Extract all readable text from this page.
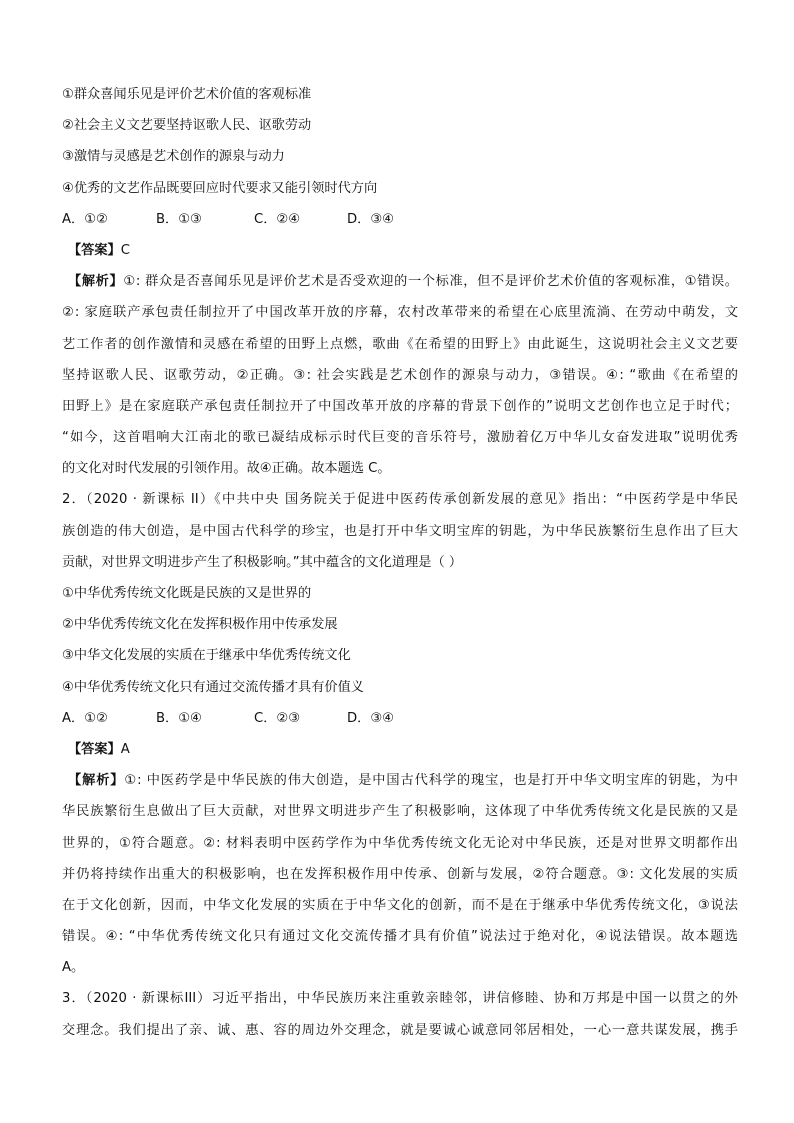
①群众喜闻乐见是评价艺术价值的客观标准
②社会主义文艺要坚持讴歌人民、讴歌劳动
③激情与灵感是艺术创作的源泉与动力
④优秀的文艺作品既要回应时代要求又能引领时代方向
A．①②	B．①③	C．②④	D．③④
【答案】C
【解析】①: 群众是否喜闻乐见是评价艺术是否受欢迎的一个标准，但不是评价艺术价值的客观标准，①错误。
②: 家庭联产承包责任制拉开了中国改革开放的序幕，农村改革带来的希望在心底里流淌、在劳动中萌发，文
艺工作者的创作激情和灵感在希望的田野上点燃，歌曲《在希望的田野上》由此诞生，这说明社会主义文艺要
坚持讴歌人民、讴歌劳动，②正确。③: 社会实践是艺术创作的源泉与动力，③错误。④: “歌曲《在希望的
田野上》是在家庭联产承包责任制拉开了中国改革开放的序幕的背景下创作的”说明文艺创作也立足于时代；
“如今，这首唱响大江南北的歌已凝结成标示时代巨变的音乐符号，激励着亿万中华儿女奋发进取”说明优秀
的文化对时代发展的引领作用。故④正确。故本题选 C。
2．（2020 · 新课标 II）《中共中央 国务院关于促进中医药传承创新发展的意见》指出：“中医药学是中华民
族创造的伟大创造，是中国古代科学的珍宝，也是打开中华文明宝库的钥匙，为中华民族繁衍生息作出了巨大
贡献，对世界文明进步产生了积极影响。”其中蕴含的文化道理是（ ）
①中华优秀传统文化既是民族的又是世界的
②中华优秀传统文化在发挥积极作用中传承发展
③中华文化发展的实质在于继承中华优秀传统文化
④中华优秀传统文化只有通过交流传播才具有价值义
A．①②	B．①④	C．②③	D．③④
【答案】A
【解析】①: 中医药学是中华民族的伟大创造，是中国古代科学的瑰宝，也是打开中华文明宝库的钥匙，为中
华民族繁衍生息做出了巨大贡献，对世界文明进步产生了积极影响，这体现了中华优秀传统文化是民族的又是
世界的，①符合题意。②: 材料表明中医药学作为中华优秀传统文化无论对中华民族，还是对世界文明都作出
并仍将持续作出重大的积极影响，也在发挥积极作用中传承、创新与发展，②符合题意。③: 文化发展的实质
在于文化创新，因而，中华文化发展的实质在于中华文化的创新，而不是在于继承中华优秀传统文化，③说法
错误。④: “中华优秀传统文化只有通过文化交流传播才具有价值”说法过于绝对化，④说法错误。故本题选
A。
3．（2020 · 新课标III）习近平指出，中华民族历来注重敦亲睦邻，讲信修睦、协和万邦是中国一以贯之的外
交理念。我们提出了亲、诚、惠、容的周边外交理念，就是要诚心诚意同邻居相处，一心一意共谋发展，携手
